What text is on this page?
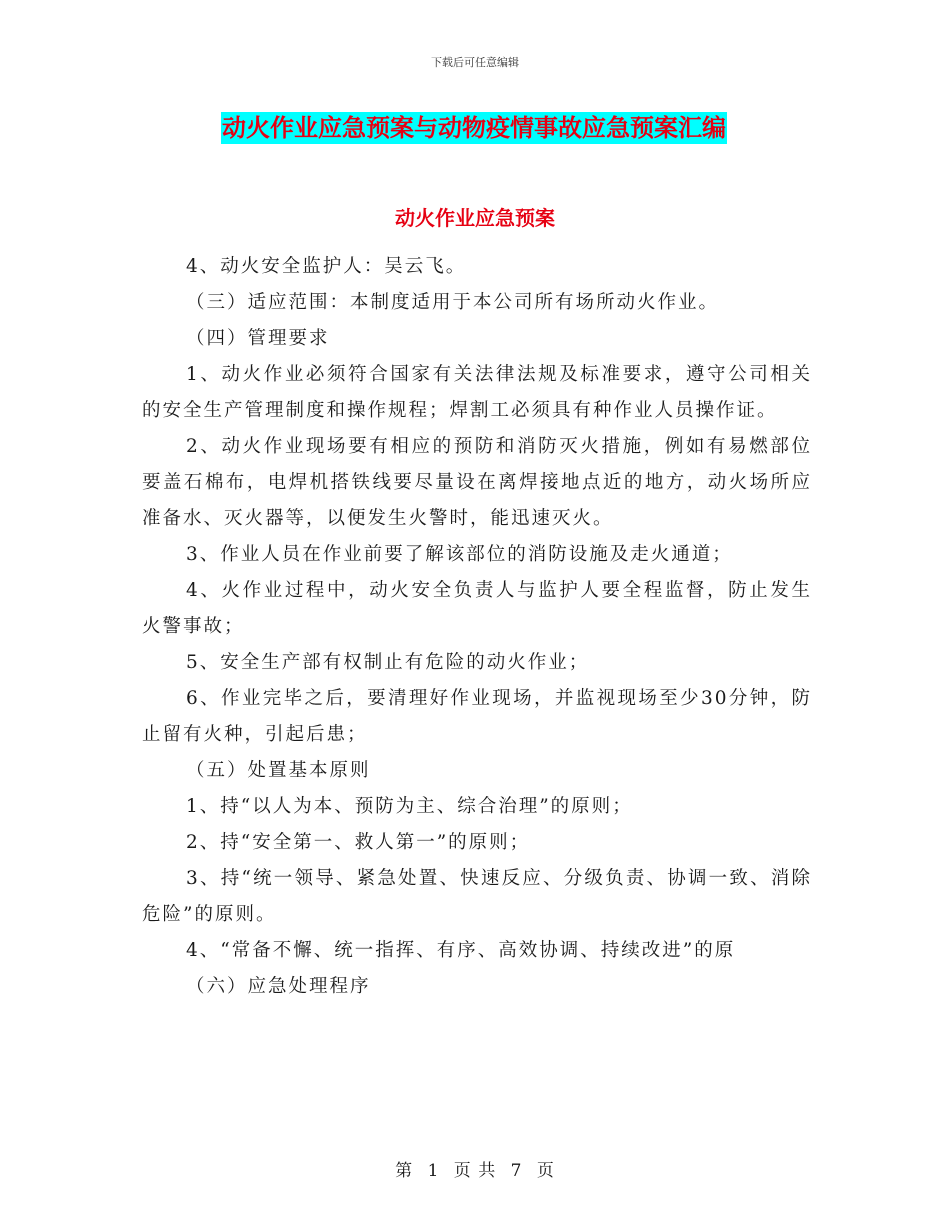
下载后可任意编辑
动火作业应急预案与动物疫情事故应急预案汇编
动火作业应急预案

4、动火安全监护人：吴云飞。

（三）适应范围：本制度适用于本公司所有场所动火作业。

（四）管理要求

1、动火作业必须符合国家有关法律法规及标准要求，遵守公司相关的安全生产管理制度和操作规程；焊割工必须具有种作业人员操作证。

2、动火作业现场要有相应的预防和消防灭火措施，例如有易燃部位要盖石棉布，电焊机搭铁线要尽量设在离焊接地点近的地方，动火场所应准备水、灭火器等，以便发生火警时，能迅速灭火。

3、作业人员在作业前要了解该部位的消防设施及走火通道；

4、火作业过程中，动火安全负责人与监护人要全程监督，防止发生火警事故；

5、安全生产部有权制止有危险的动火作业；

6、作业完毕之后，要清理好作业现场，并监视现场至少30分钟，防止留有火种，引起后患；

（五）处置基本原则

1、持“以人为本、预防为主、综合治理”的原则；

2、持“安全第一、救人第一”的原则；

3、持“统一领导、紧急处置、快速反应、分级负责、协调一致、消除危险”的原则。

4、“常备不懈、统一指挥、有序、高效协调、持续改进”的原

（六）应急处理程序

第 1 页 共 7 页
